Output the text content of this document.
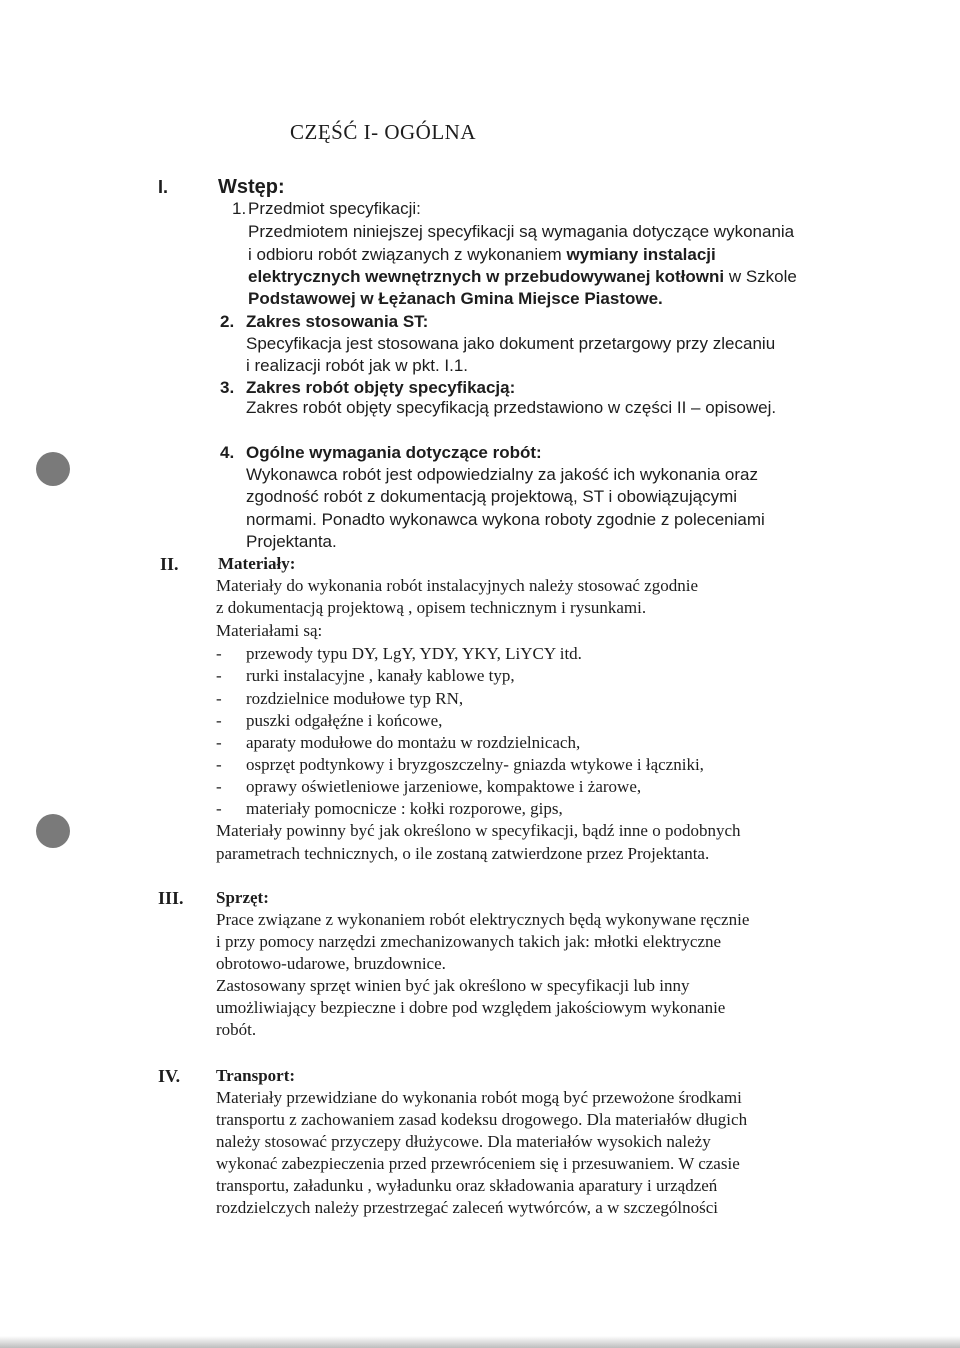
CZĘŚĆ I- OGÓLNA
I. Wstęp:
1. Przedmiot specyfikacji:
Przedmiotem niniejszej specyfikacji są wymagania dotyczące wykonania
i odbioru robót związanych z wykonaniem wymiany instalacji
elektrycznych wewnętrznych w przebudowywanej kotłowni w Szkole
Podstawowej w Łężanach Gmina Miejsce Piastowe.
2. Zakres stosowania ST:
Specyfikacja jest stosowana jako dokument przetargowy przy zlecaniu
i realizacji robót jak w pkt. I.1.
3. Zakres robót objęty specyfikacją:
Zakres robót objęty specyfikacją przedstawiono w części II – opisowej.
4. Ogólne wymagania dotyczące robót:
Wykonawca robót jest odpowiedzialny za jakość ich wykonania oraz
zgodność robót z dokumentacją projektową, ST i obowiązującymi
normami. Ponadto wykonawca wykona roboty zgodnie z poleceniami
Projektanta.
II. Materiały:
Materiały do wykonania robót instalacyjnych należy stosować zgodnie
z dokumentacją projektową , opisem technicznym i rysunkami.
Materiałami są:
- przewody typu DY, LgY, YDY, YKY, LiYCY itd.
- rurki instalacyjne , kanały kablowe typ,
- rozdzielnice modułowe typ RN,
- puszki odgałęźne i końcowe,
- aparaty modułowe do montażu w rozdzielnicach,
- osprzęt podtynkowy i bryzgoszczelny- gniazda wtykowe i łączniki,
- oprawy oświetleniowe jarzeniowe, kompaktowe i żarowe,
- materiały pomocnicze : kołki rozporowe, gips,
Materiały powinny być jak określono w specyfikacji, bądź inne o podobnych
parametrach technicznych, o ile zostaną zatwierdzone przez Projektanta.
III. Sprzęt:
Prace związane z wykonaniem robót elektrycznych będą wykonywane ręcznie
i przy pomocy narzędzi zmechanizowanych takich jak: młotki elektryczne
obrotowo-udarowe, bruzdownice.
Zastosowany sprzęt winien być jak określono w specyfikacji lub inny
umożliwiający bezpieczne i dobre pod względem jakościowym wykonanie
robót.
IV. Transport:
Materiały przewidziane do wykonania robót mogą być przewożone środkami
transportu z zachowaniem zasad kodeksu drogowego. Dla materiałów długich
należy stosować przyczepy dłużycowe. Dla materiałów wysokich należy
wykonać zabezpieczenia przed przewróceniem się i przesuwaniem. W czasie
transportu, załadunku , wyładunku oraz składowania aparatury i urządzeń
rozdzielczych należy przestrzegać zaleceń wytwórców, a w szczególności
